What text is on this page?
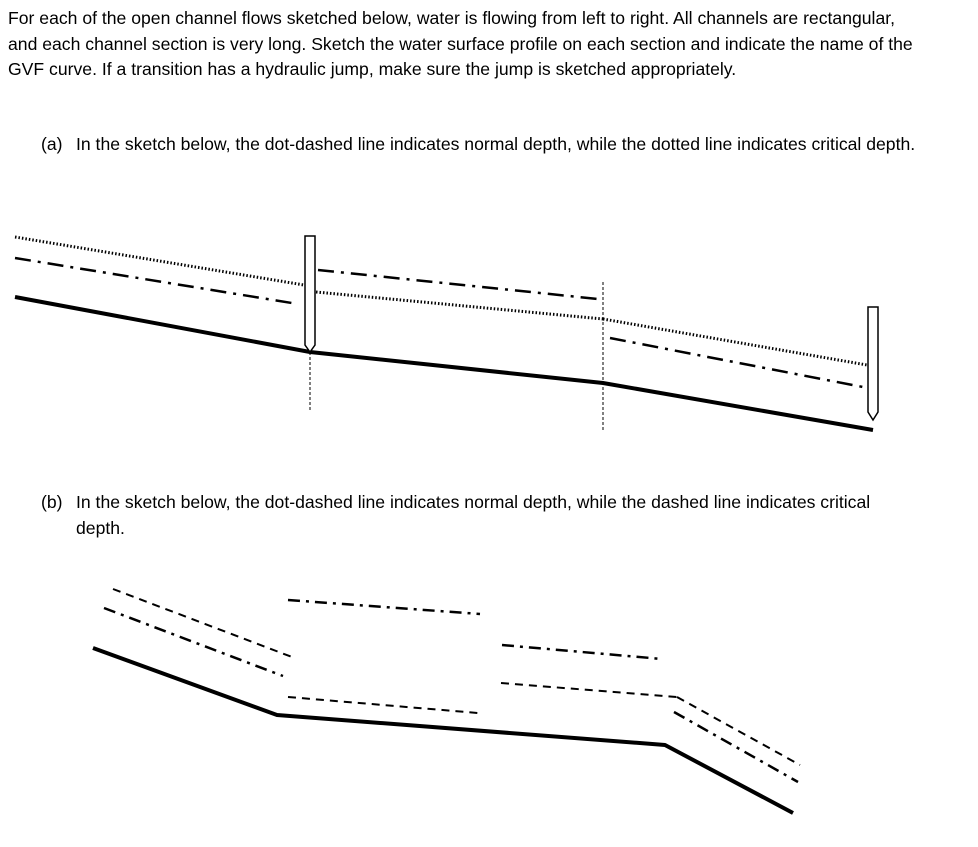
For each of the open channel flows sketched below, water is flowing from left to right. All channels are rectangular, and each channel section is very long. Sketch the water surface profile on each section and indicate the name of the GVF curve. If a transition has a hydraulic jump, make sure the jump is sketched appropriately.

(a) In the sketch below, the dot-dashed line indicates normal depth, while the dotted line indicates critical depth.
(b) In the sketch below, the dot-dashed line indicates normal depth, while the dashed line indicates critical depth.
